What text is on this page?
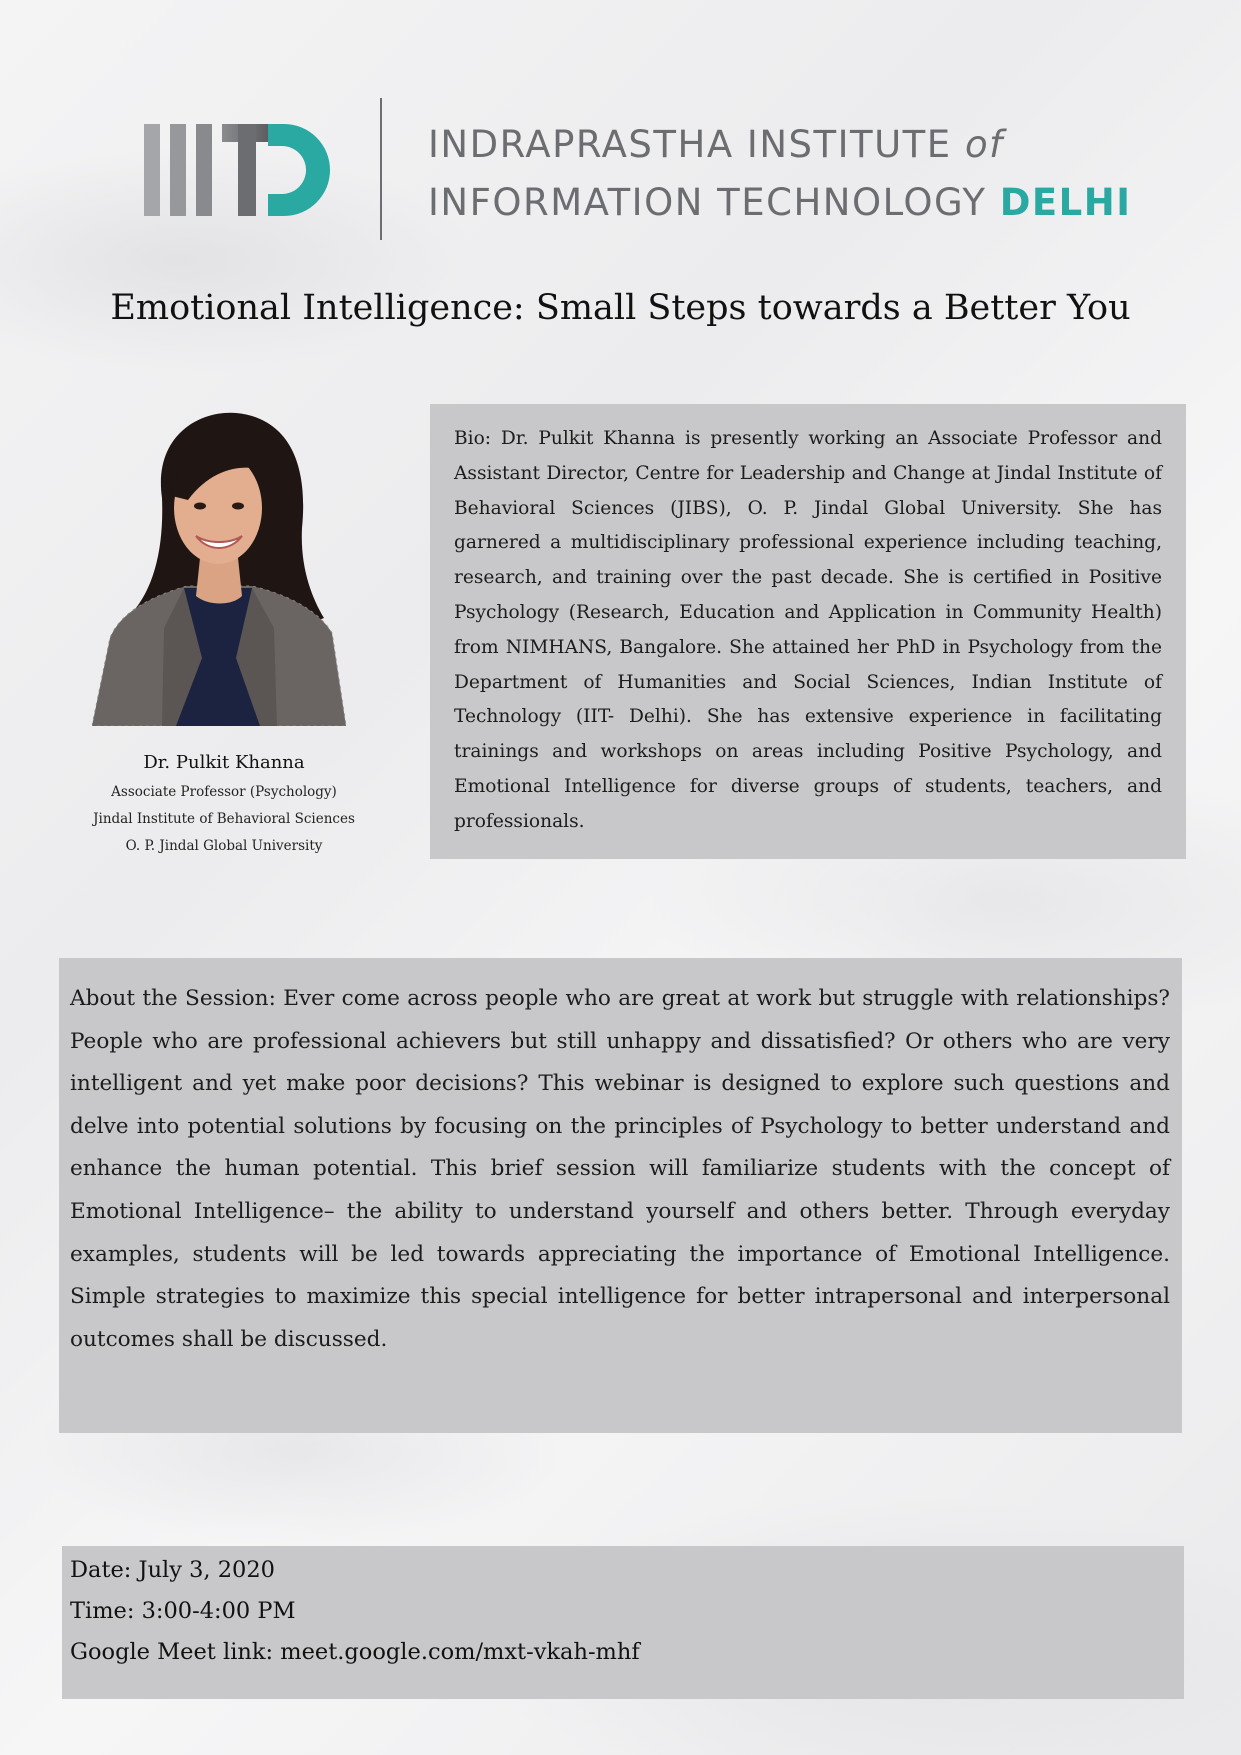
INDRAPRASTHA INSTITUTE of
INFORMATION TECHNOLOGY DELHI
Emotional Intelligence: Small Steps towards a Better You
Dr. Pulkit Khanna
Associate Professor (Psychology)
Jindal Institute of Behavioral Sciences
O. P. Jindal Global University

Bio: Dr. Pulkit Khanna is presently working an Associate Professor and Assistant Director, Centre for Leadership and Change at Jindal Institute of Behavioral Sciences (JIBS), O. P. Jindal Global University. She has garnered a multidisciplinary professional experience including teaching, research, and training over the past decade. She is certified in Positive Psychology (Research, Education and Application in Community Health) from NIMHANS, Bangalore. She attained her PhD in Psychology from the Department of Humanities and Social Sciences, Indian Institute of Technology (IIT- Delhi). She has extensive experience in facilitating trainings and workshops on areas including Positive Psychology, and Emotional Intelligence for diverse groups of students, teachers, and professionals.

About the Session: Ever come across people who are great at work but struggle with relationships? People who are professional achievers but still unhappy and dissatisfied? Or others who are very intelligent and yet make poor decisions? This webinar is designed to explore such questions and delve into potential solutions by focusing on the principles of Psychology to better understand and enhance the human potential. This brief session will familiarize students with the concept of Emotional Intelligence– the ability to understand yourself and others better. Through everyday examples, students will be led towards appreciating the importance of Emotional Intelligence. Simple strategies to maximize this special intelligence for better intrapersonal and interpersonal outcomes shall be discussed.

Date: July 3, 2020
Time: 3:00-4:00 PM
Google Meet link: meet.google.com/mxt-vkah-mhf
